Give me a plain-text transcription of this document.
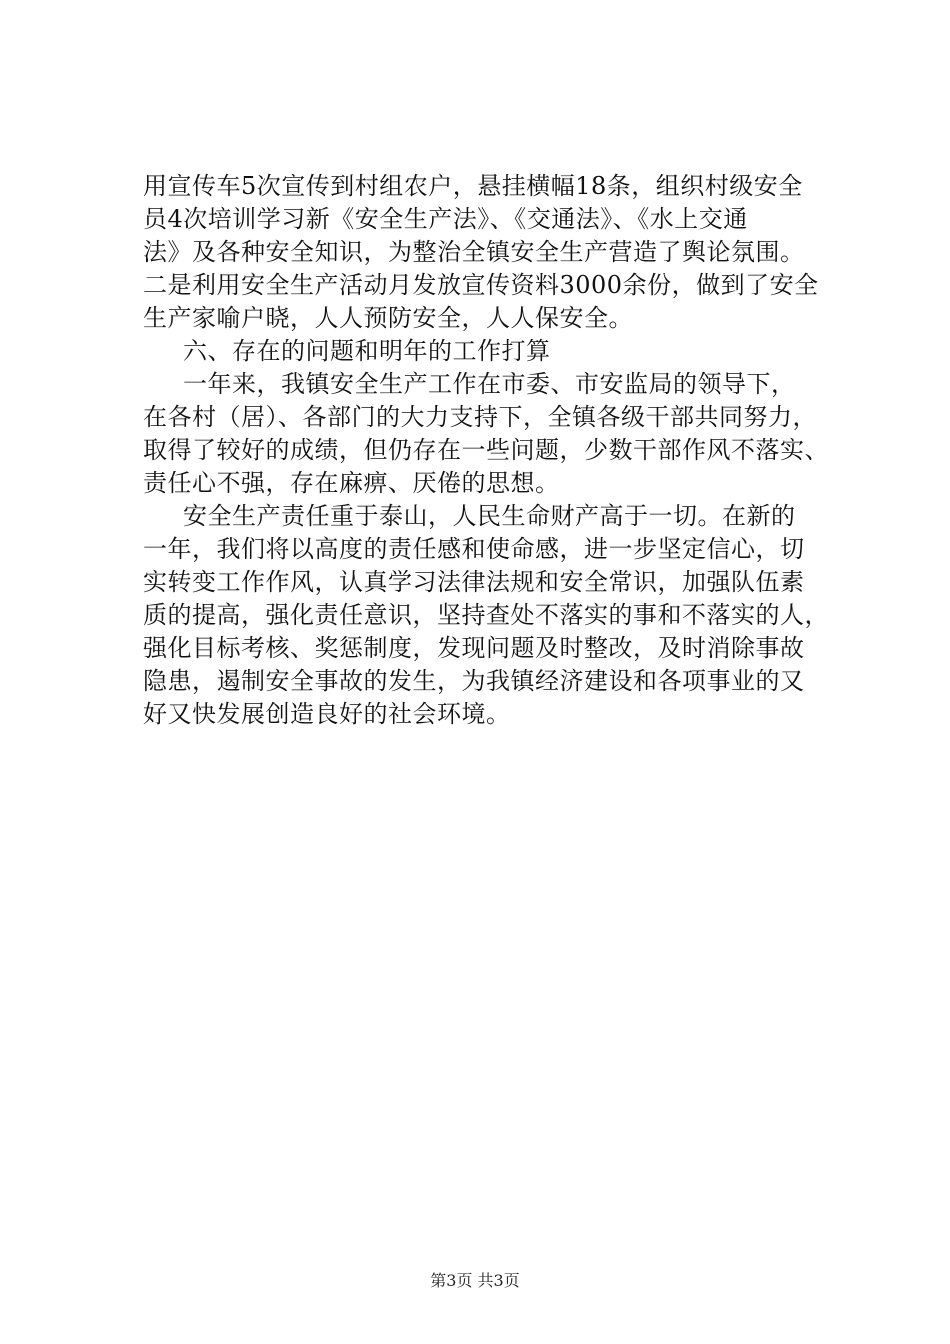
用宣传车5次宣传到村组农户，悬挂横幅18条，组织村级安全
员4次培训学习新《安全生产法》、《交通法》、《水上交通
法》及各种安全知识，为整治全镇安全生产营造了舆论氛围。
二是利用安全生产活动月发放宣传资料3000余份，做到了安全
生产家喻户晓，人人预防安全，人人保安全。
六、存在的问题和明年的工作打算
一年来，我镇安全生产工作在市委、市安监局的领导下，
在各村（居）、各部门的大力支持下，全镇各级干部共同努力，
取得了较好的成绩，但仍存在一些问题，少数干部作风不落实、
责任心不强，存在麻痹、厌倦的思想。
安全生产责任重于泰山，人民生命财产高于一切。在新的
一年，我们将以高度的责任感和使命感，进一步坚定信心，切
实转变工作作风，认真学习法律法规和安全常识，加强队伍素
质的提高，强化责任意识，坚持查处不落实的事和不落实的人，
强化目标考核、奖惩制度，发现问题及时整改，及时消除事故
隐患，遏制安全事故的发生，为我镇经济建设和各项事业的又
好又快发展创造良好的社会环境。
第3页 共3页
